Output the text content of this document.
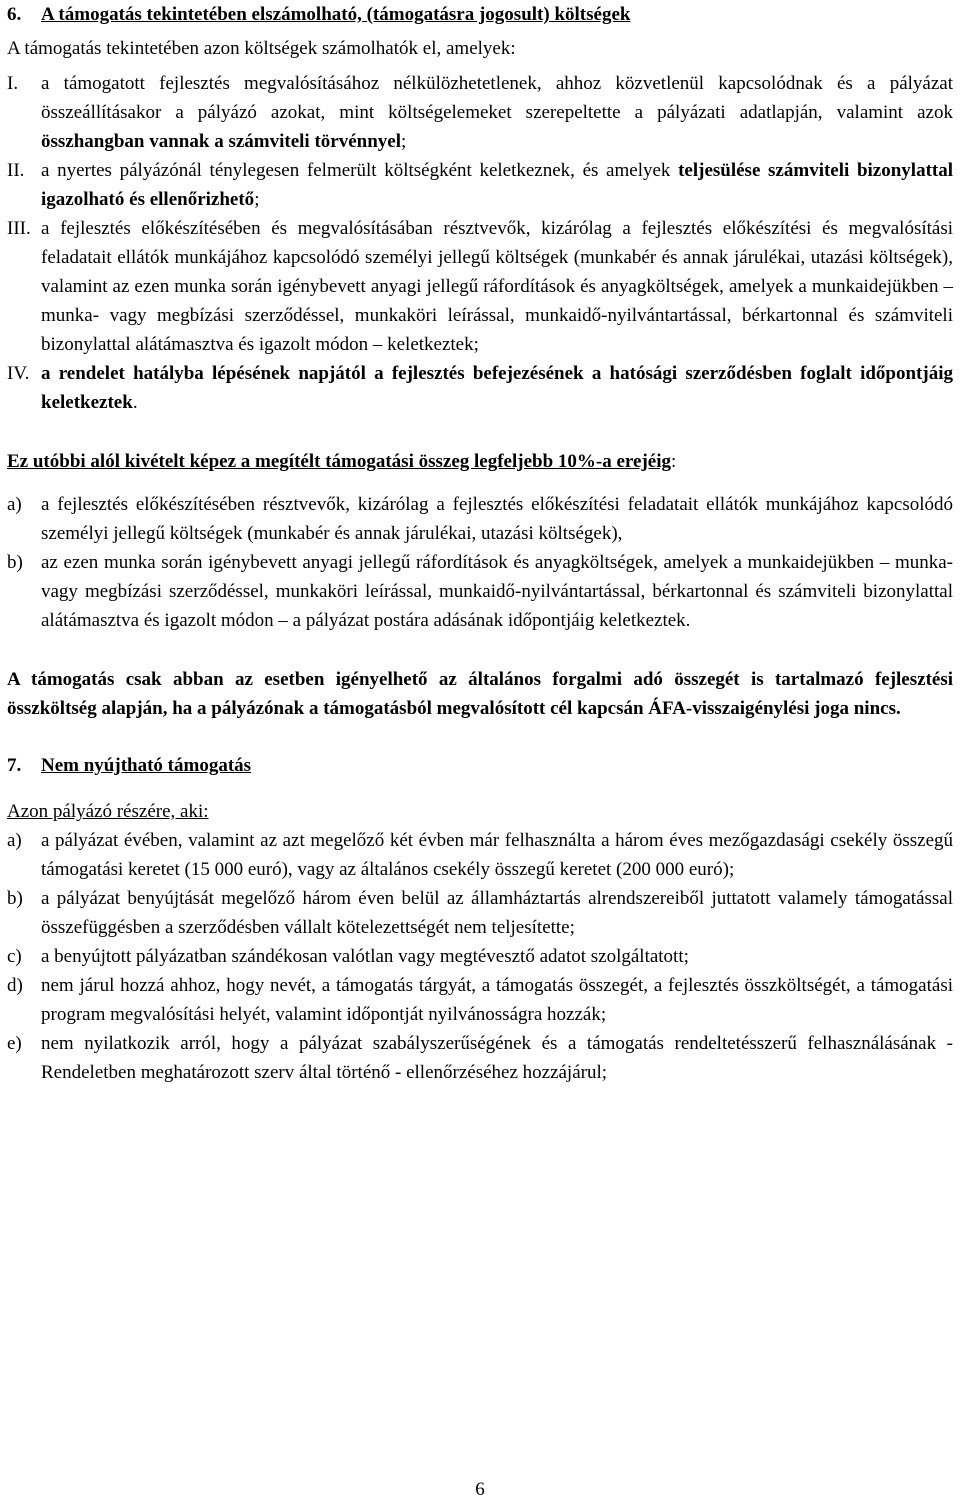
6.	A támogatás tekintetében elszámolható, (támogatásra jogosult) költségek

A támogatás tekintetében azon költségek számolhatók el, amelyek:

I.	a támogatott fejlesztés megvalósításához nélkülözhetetlenek, ahhoz közvetlenül kapcsolódnak és a pályázat összeállításakor a pályázó azokat, mint költségelemeket szerepeltette a pályázati adatlapján, valamint azok összhangban vannak a számviteli törvénnyel;
II. a nyertes pályázónál ténylegesen felmerült költségként keletkeznek, és amelyek teljesülése számviteli bizonylattal igazolható és ellenőrizhető;
III. a fejlesztés előkészítésében és megvalósításában résztvevők, kizárólag a fejlesztés előkészítési és megvalósítási feladatait ellátók munkájához kapcsolódó személyi jellegű költségek (munkabér és annak járulékai, utazási költségek), valamint az ezen munka során igénybevett anyagi jellegű ráfordítások és anyagköltségek, amelyek a munkaidejükben – munka- vagy megbízási szerződéssel, munkaköri leírással, munkaidő-nyilvántartással, bérkartonnal és számviteli bizonylattal alátámasztva és igazolt módon – keletkeztek;
IV. a rendelet hatályba lépésének napjától a fejlesztés befejezésének a hatósági szerződésben foglalt időpontjáig keletkeztek.

Ez utóbbi alól kivételt képez a megítélt támogatási összeg legfeljebb 10%-a erejéig:

a)	a fejlesztés előkészítésében résztvevők, kizárólag a fejlesztés előkészítési feladatait ellátók munkájához kapcsolódó személyi jellegű költségek (munkabér és annak járulékai, utazási költségek),
b) az ezen munka során igénybevett anyagi jellegű ráfordítások és anyagköltségek, amelyek a munkaidejükben – munka- vagy megbízási szerződéssel, munkaköri leírással, munkaidő-nyilvántartással, bérkartonnal és számviteli bizonylattal alátámasztva és igazolt módon – a pályázat postára adásának időpontjáig keletkeztek.

A támogatás csak abban az esetben igényelhető az általános forgalmi adó összegét is tartalmazó fejlesztési összköltség alapján, ha a pályázónak a támogatásból megvalósított cél kapcsán ÁFA-visszaigénylési joga nincs.

7.	Nem nyújtható támogatás

Azon pályázó részére, aki:

a)	a pályázat évében, valamint az azt megelőző két évben már felhasználta a három éves mezőgazdasági csekély összegű támogatási keretet (15 000 euró), vagy az általános csekély összegű keretet (200 000 euró);
b) a pályázat benyújtását megelőző három éven belül az államháztartás alrendszereiből juttatott valamely támogatással összefüggésben a szerződésben vállalt kötelezettségét nem teljesítette;
c)	a benyújtott pályázatban szándékosan valótlan vagy megtévesztő adatot szolgáltatott;
d) nem járul hozzá ahhoz, hogy nevét, a támogatás tárgyát, a támogatás összegét, a fejlesztés összköltségét, a támogatási program megvalósítási helyét, valamint időpontját nyilvánosságra hozzák;
e)	nem nyilatkozik arról, hogy a pályázat szabályszerűségének és a támogatás rendeltetésszerű felhasználásának - Rendeletben meghatározott szerv által történő - ellenőrzéséhez hozzájárul;
6
